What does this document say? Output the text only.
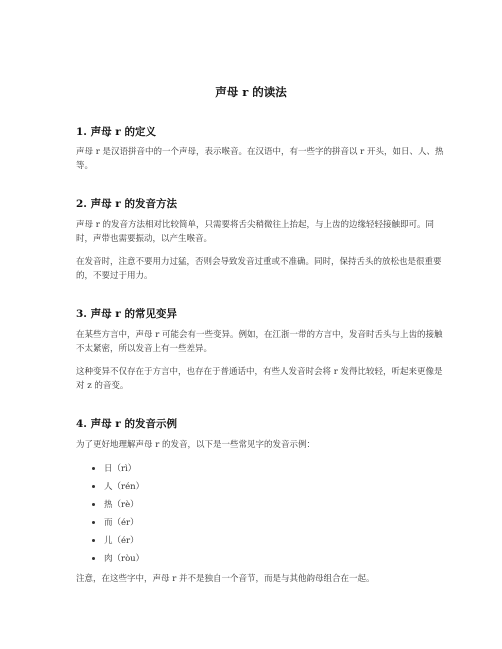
声母 r 的读法
1. 声母 r 的定义
声母 r 是汉语拼音中的一个声母，表示喉音。在汉语中，有一些字的拼音以 r 开头，如日、人、热等。
2. 声母 r 的发音方法
声母 r 的发音方法相对比较简单，只需要将舌尖稍微往上抬起，与上齿的边缘轻轻接触即可。同时，声带也需要振动，以产生喉音。
在发音时，注意不要用力过猛，否则会导致发音过重或不准确。同时，保持舌头的放松也是很重要的，不要过于用力。
3. 声母 r 的常见变异
在某些方言中，声母 r 可能会有一些变异。例如，在江浙一带的方言中，发音时舌头与上齿的接触不太紧密，所以发音上有一些差异。
这种变异不仅存在于方言中，也存在于普通话中，有些人发音时会将 r 发得比较轻，听起来更像是对 z 的音变。
4. 声母 r 的发音示例
为了更好地理解声母 r 的发音，以下是一些常见字的发音示例：
日（rì）
人（rén）
热（rè）
而（ér）
儿（ér）
肉（ròu）
注意，在这些字中，声母 r 并不是独自一个音节，而是与其他韵母组合在一起。
